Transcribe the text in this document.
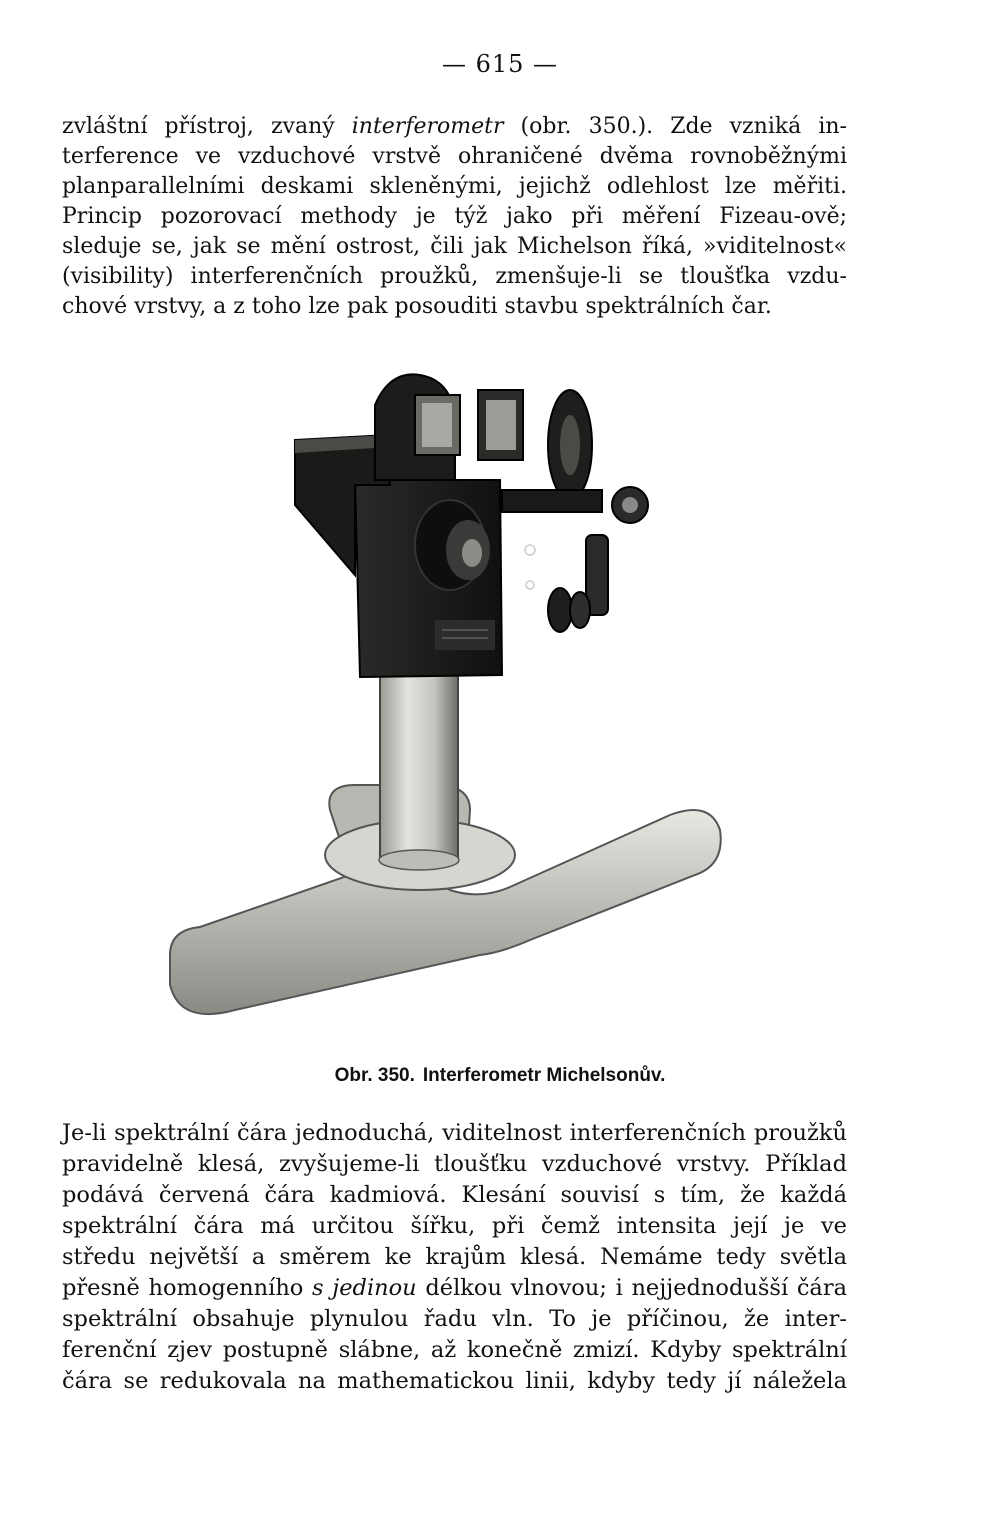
— 615 —
zvláštní přístroj, zvaný interferometr (obr. 350.). Zde vzniká in-
terference ve vzduchové vrstvě ohraničené dvěma rovnoběžnými
planparallelními deskami skleněnými, jejichž odlehlost lze měřiti.
Princip pozorovací methody je týž jako při měření Fizeau-ově;
sleduje se, jak se mění ostrost, čili jak Michelson říká, »viditelnost«
(visibility) interferenčních proužků, zmenšuje-li se tloušťka vzdu-
chové vrstvy, a z toho lze pak posouditi stavbu spektrálních čar.
Obr. 350. Interferometr Michelsonův.
Je-li spektrální čára jednoduchá, viditelnost interferenčních proužků
pravidelně klesá, zvyšujeme-li tloušťku vzduchové vrstvy. Příklad
podává červená čára kadmiová. Klesání souvisí s tím, že každá
spektrální čára má určitou šířku, při čemž intensita její je ve
středu největší a směrem ke krajům klesá. Nemáme tedy světla
přesně homogenního s jedinou délkou vlnovou; i nejjednodušší čára
spektrální obsahuje plynulou řadu vln. To je příčinou, že inter-
ferenční zjev postupně slábne, až konečně zmizí. Kdyby spektrální
čára se redukovala na mathematickou linii, kdyby tedy jí náležela
